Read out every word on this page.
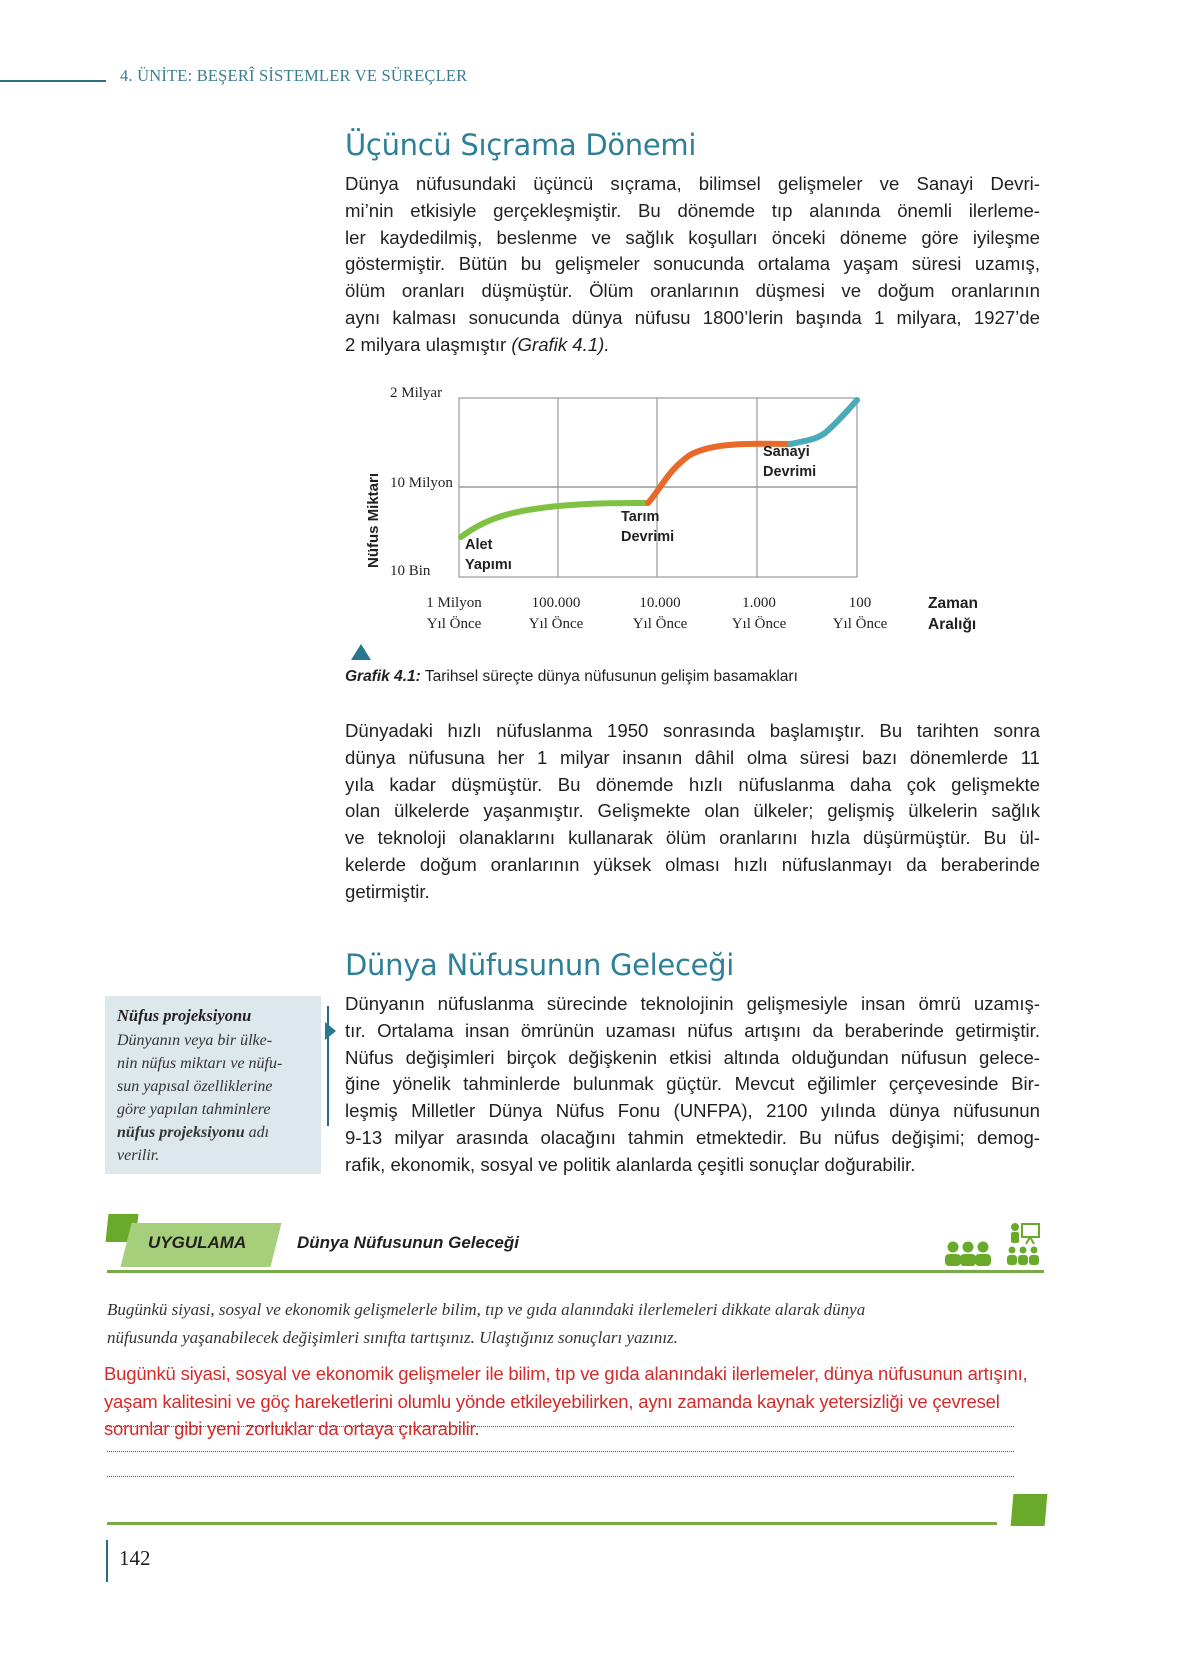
4. ÜNİTE: BEŞERÎ SİSTEMLER VE SÜREÇLER
Üçüncü Sıçrama Dönemi
Dünya nüfusundaki üçüncü sıçrama, bilimsel gelişmeler ve Sanayi Devri-
mi’nin etkisiyle gerçekleşmiştir. Bu dönemde tıp alanında önemli ilerleme-
ler kaydedilmiş, beslenme ve sağlık koşulları önceki döneme göre iyileşme
göstermiştir. Bütün bu gelişmeler sonucunda ortalama yaşam süresi uzamış,
ölüm oranları düşmüştür. Ölüm oranlarının düşmesi ve doğum oranlarının
aynı kalması sonucunda dünya nüfusu 1800’lerin başında 1 milyara, 1927’de
2 milyara ulaşmıştır (Grafik 4.1).
2 Milyar
10 Milyon
10 Bin
Nüfus Miktarı	Alet
Yapımı
Tarım
Devrimi
Sanayi
Devrimi
1 Milyon
Yıl Önce
100.000
Yıl Önce
10.000
Yıl Önce
1.000
Yıl Önce
100
Yıl Önce
Zaman
Aralığı
Grafik 4.1: Tarihsel süreçte dünya nüfusunun gelişim basamakları
Dünyadaki hızlı nüfuslanma 1950 sonrasında başlamıştır. Bu tarihten sonra
dünya nüfusuna her 1 milyar insanın dâhil olma süresi bazı dönemlerde 11
yıla kadar düşmüştür. Bu dönemde hızlı nüfuslanma daha çok gelişmekte
olan ülkelerde yaşanmıştır. Gelişmekte olan ülkeler; gelişmiş ülkelerin sağlık
ve teknoloji olanaklarını kullanarak ölüm oranlarını hızla düşürmüştür. Bu ül-
kelerde doğum oranlarının yüksek olması hızlı nüfuslanmayı da beraberinde
getirmiştir.
Dünya Nüfusunun Geleceği
Dünyanın nüfuslanma sürecinde teknolojinin gelişmesiyle insan ömrü uzamış-
tır. Ortalama insan ömrünün uzaması nüfus artışını da beraberinde getirmiştir.
Nüfus değişimleri birçok değişkenin etkisi altında olduğundan nüfusun gelece-
ğine yönelik tahminlerde bulunmak güçtür. Mevcut eğilimler çerçevesinde Bir-
leşmiş Milletler Dünya Nüfus Fonu (UNFPA), 2100 yılında dünya nüfusunun
9-13 milyar arasında olacağını tahmin etmektedir. Bu nüfus değişimi; demog-
rafik, ekonomik, sosyal ve politik alanlarda çeşitli sonuçlar doğurabilir.
Nüfus projeksiyonu
Dünyanın veya bir ülke-
nin nüfus miktarı ve nüfu-
sun yapısal özelliklerine
göre yapılan tahminlere
nüfus projeksiyonu adı
verilir.
UYGULAMA	Dünya Nüfusunun Geleceği
Bugünkü siyasi, sosyal ve ekonomik gelişmelerle bilim, tıp ve gıda alanındaki ilerlemeleri dikkate alarak dünya
nüfusunda yaşanabilecek değişimleri sınıfta tartışınız. Ulaştığınız sonuçları yazınız.
Bugünkü siyasi, sosyal ve ekonomik gelişmeler ile bilim, tıp ve gıda alanındaki ilerlemeler, dünya nüfusunun artışını,
yaşam kalitesini ve göç hareketlerini olumlu yönde etkileyebilirken, aynı zamanda kaynak yetersizliği ve çevresel
sorunlar gibi yeni zorluklar da ortaya çıkarabilir.
142
